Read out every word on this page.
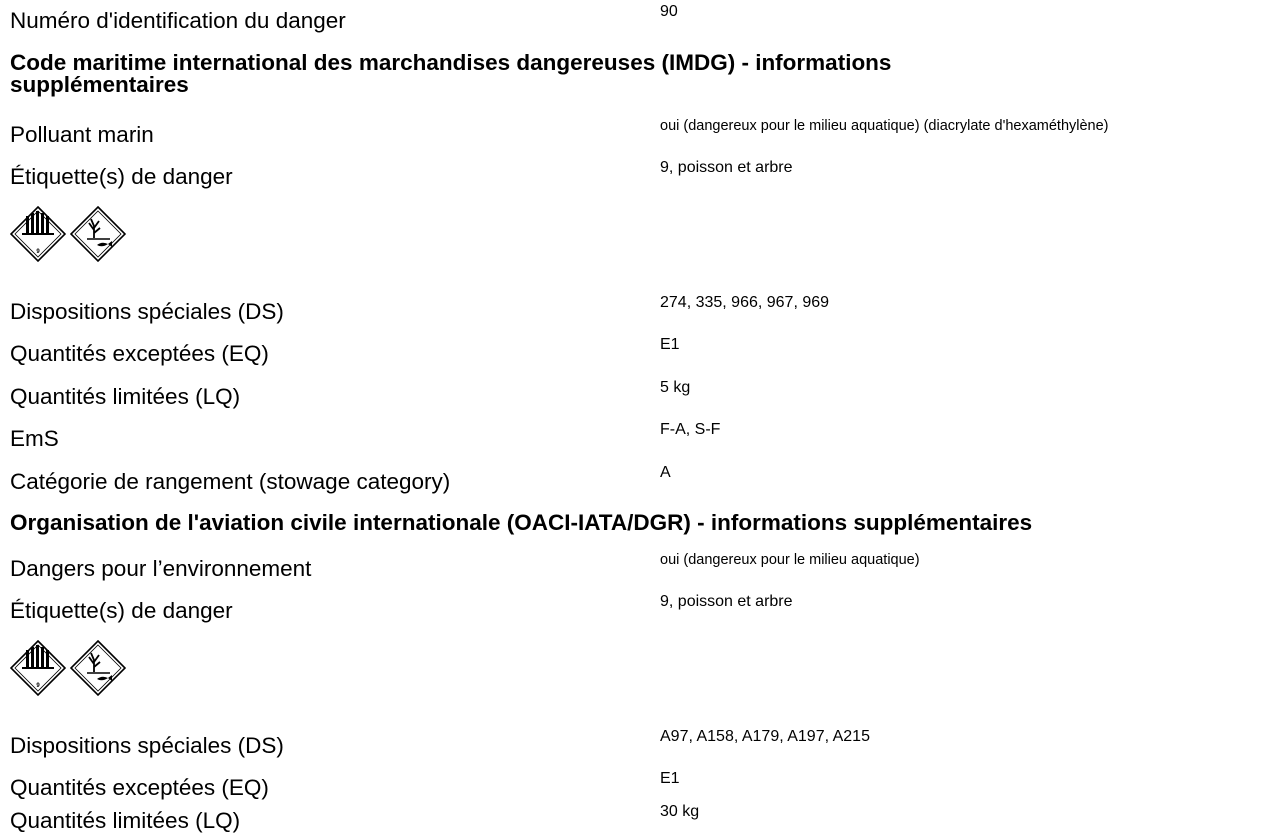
Numéro d'identification du danger	90
Code maritime international des marchandises dangereuses (IMDG) - informations
supplémentaires
Polluant marin	oui (dangereux pour le milieu aquatique) (diacrylate d'hexaméthylène)
Étiquette(s) de danger	9, poisson et arbre
9
Dispositions spéciales (DS)	274, 335, 966, 967, 969
Quantités exceptées (EQ)	E1
Quantités limitées (LQ)	5 kg
EmS	F-A, S-F
Catégorie de rangement (stowage category)	A
Organisation de l'aviation civile internationale (OACI-IATA/DGR) - informations supplémentaires
Dangers pour l’environnement	oui (dangereux pour le milieu aquatique)
Étiquette(s) de danger	9, poisson et arbre
9
Dispositions spéciales (DS)	A97, A158, A179, A197, A215
Quantités exceptées (EQ)	E1
Quantités limitées (LQ)	30 kg
